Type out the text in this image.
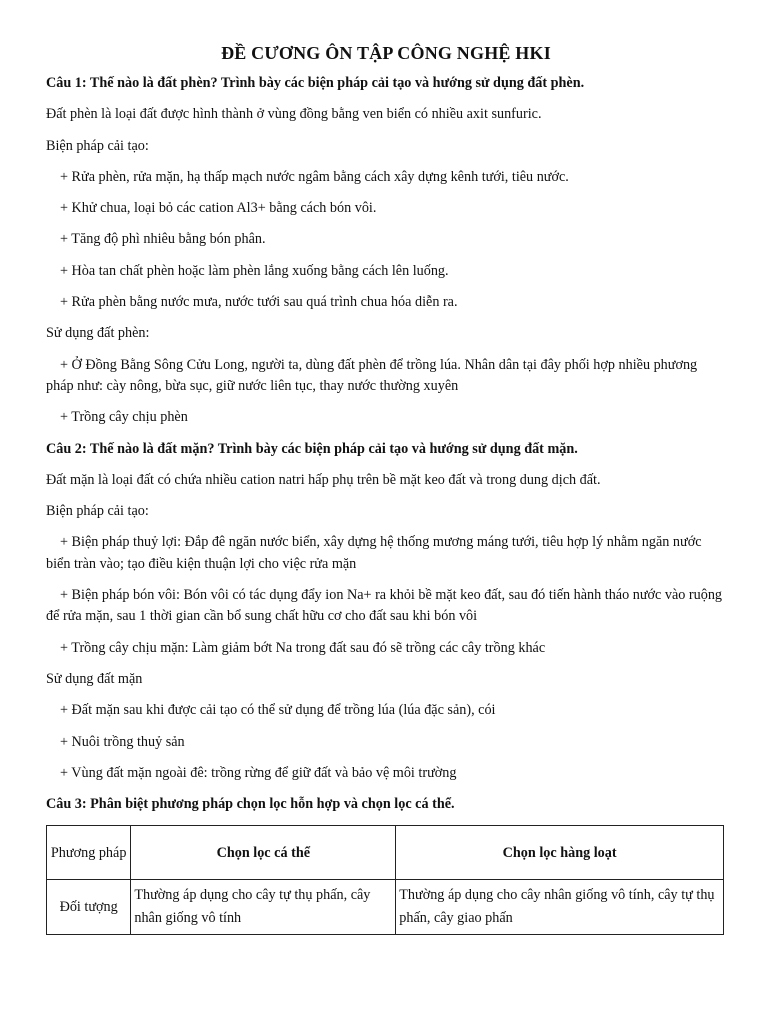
ĐỀ CƯƠNG ÔN TẬP CÔNG NGHỆ HKI
Câu 1: Thế nào là đất phèn? Trình bày các biện pháp cải tạo và hướng sử dụng đất phèn.
Đất phèn là loại đất được hình thành ở vùng đồng bằng ven biển có nhiều axit sunfuric.
Biện pháp cải tạo:
+ Rửa phèn, rửa mặn, hạ thấp mạch nước ngâm bằng cách xây dựng kênh tưới, tiêu nước.
+ Khử chua, loại bỏ các cation Al3+ bằng cách bón vôi.
+ Tăng độ phì nhiêu bằng bón phân.
+ Hòa tan chất phèn hoặc làm phèn lắng xuống bằng cách lên luống.
+ Rửa phèn bằng nước mưa, nước tưới sau quá trình chua hóa diễn ra.
Sử dụng đất phèn:
+ Ở Đồng Bằng Sông Cửu Long, người ta, dùng đất phèn để trồng lúa. Nhân dân tại đây phối hợp nhiều phương pháp như: cày nông, bừa sục, giữ nước liên tục, thay nước thường xuyên
+ Trồng cây chịu phèn
Câu 2: Thế nào là đất mặn? Trình bày các biện pháp cải tạo và hướng sử dụng đất mặn.
Đất mặn là loại đất có chứa nhiều cation natri hấp phụ trên bề mặt keo đất và trong dung dịch đất.
Biện pháp cải tạo:
+ Biện pháp thuỷ lợi: Đắp đê ngăn nước biển, xây dựng hệ thống mương máng tưới, tiêu hợp lý nhằm ngăn nước biển tràn vào; tạo điều kiện thuận lợi cho việc rửa mặn
+ Biện pháp bón vôi: Bón vôi có tác dụng đẩy ion Na+ ra khỏi bề mặt keo đất, sau đó tiến hành tháo nước vào ruộng để rửa mặn, sau 1 thời gian cần bổ sung chất hữu cơ cho đất sau khi bón vôi
+ Trồng cây chịu mặn: Làm giảm bớt Na trong đất sau đó sẽ trồng các cây trồng khác
Sử dụng đất mặn
+ Đất mặn sau khi được cải tạo có thể sử dụng để trồng lúa (lúa đặc sản), cói
+ Nuôi trồng thuỷ sản
+ Vùng đất mặn ngoài đê: trồng rừng để giữ đất và bảo vệ môi trường
Câu 3: Phân biệt phương pháp chọn lọc hỗn hợp và chọn lọc cá thể.
Phương pháp	Chọn lọc cá thể	Chọn lọc hàng loạt
Đối tượng	Thường áp dụng cho cây tự thụ phấn, cây nhân giống vô tính	Thường áp dụng cho cây nhân giống vô tính, cây tự thụ phấn, cây giao phấn
